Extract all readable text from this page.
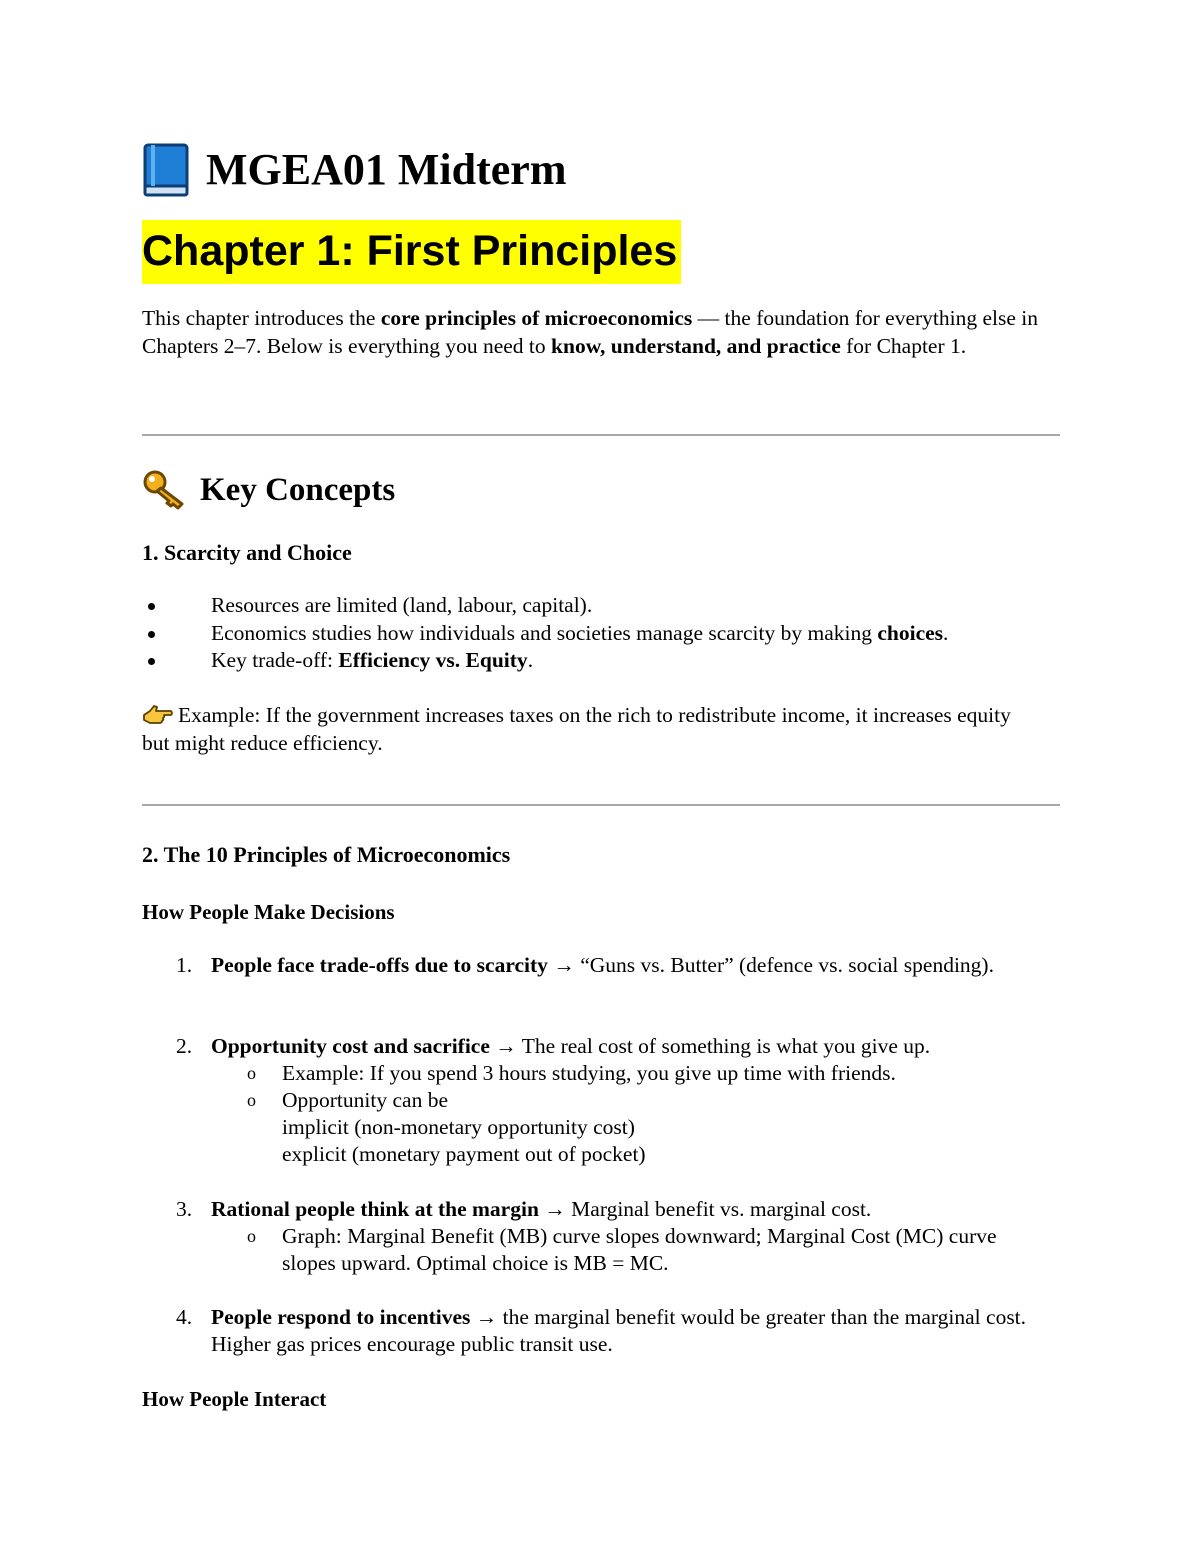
MGEA01 Midterm
Chapter 1: First Principles
This chapter introduces the core principles of microeconomics — the foundation for everything else in Chapters 2–7. Below is everything you need to know, understand, and practice for Chapter 1.
Key Concepts
1. Scarcity and Choice
Resources are limited (land, labour, capital).
Economics studies how individuals and societies manage scarcity by making choices.
Key trade-off: Efficiency vs. Equity.
Example: If the government increases taxes on the rich to redistribute income, it increases equity but might reduce efficiency.
2. The 10 Principles of Microeconomics
How People Make Decisions
1. People face trade-offs due to scarcity → “Guns vs. Butter” (defence vs. social spending).
2. Opportunity cost and sacrifice → The real cost of something is what you give up.
o Example: If you spend 3 hours studying, you give up time with friends.
o Opportunity can be
implicit (non-monetary opportunity cost)
explicit (monetary payment out of pocket)
3. Rational people think at the margin → Marginal benefit vs. marginal cost.
o Graph: Marginal Benefit (MB) curve slopes downward; Marginal Cost (MC) curve slopes upward. Optimal choice is MB = MC.
4. People respond to incentives → the marginal benefit would be greater than the marginal cost. Higher gas prices encourage public transit use.
How People Interact
